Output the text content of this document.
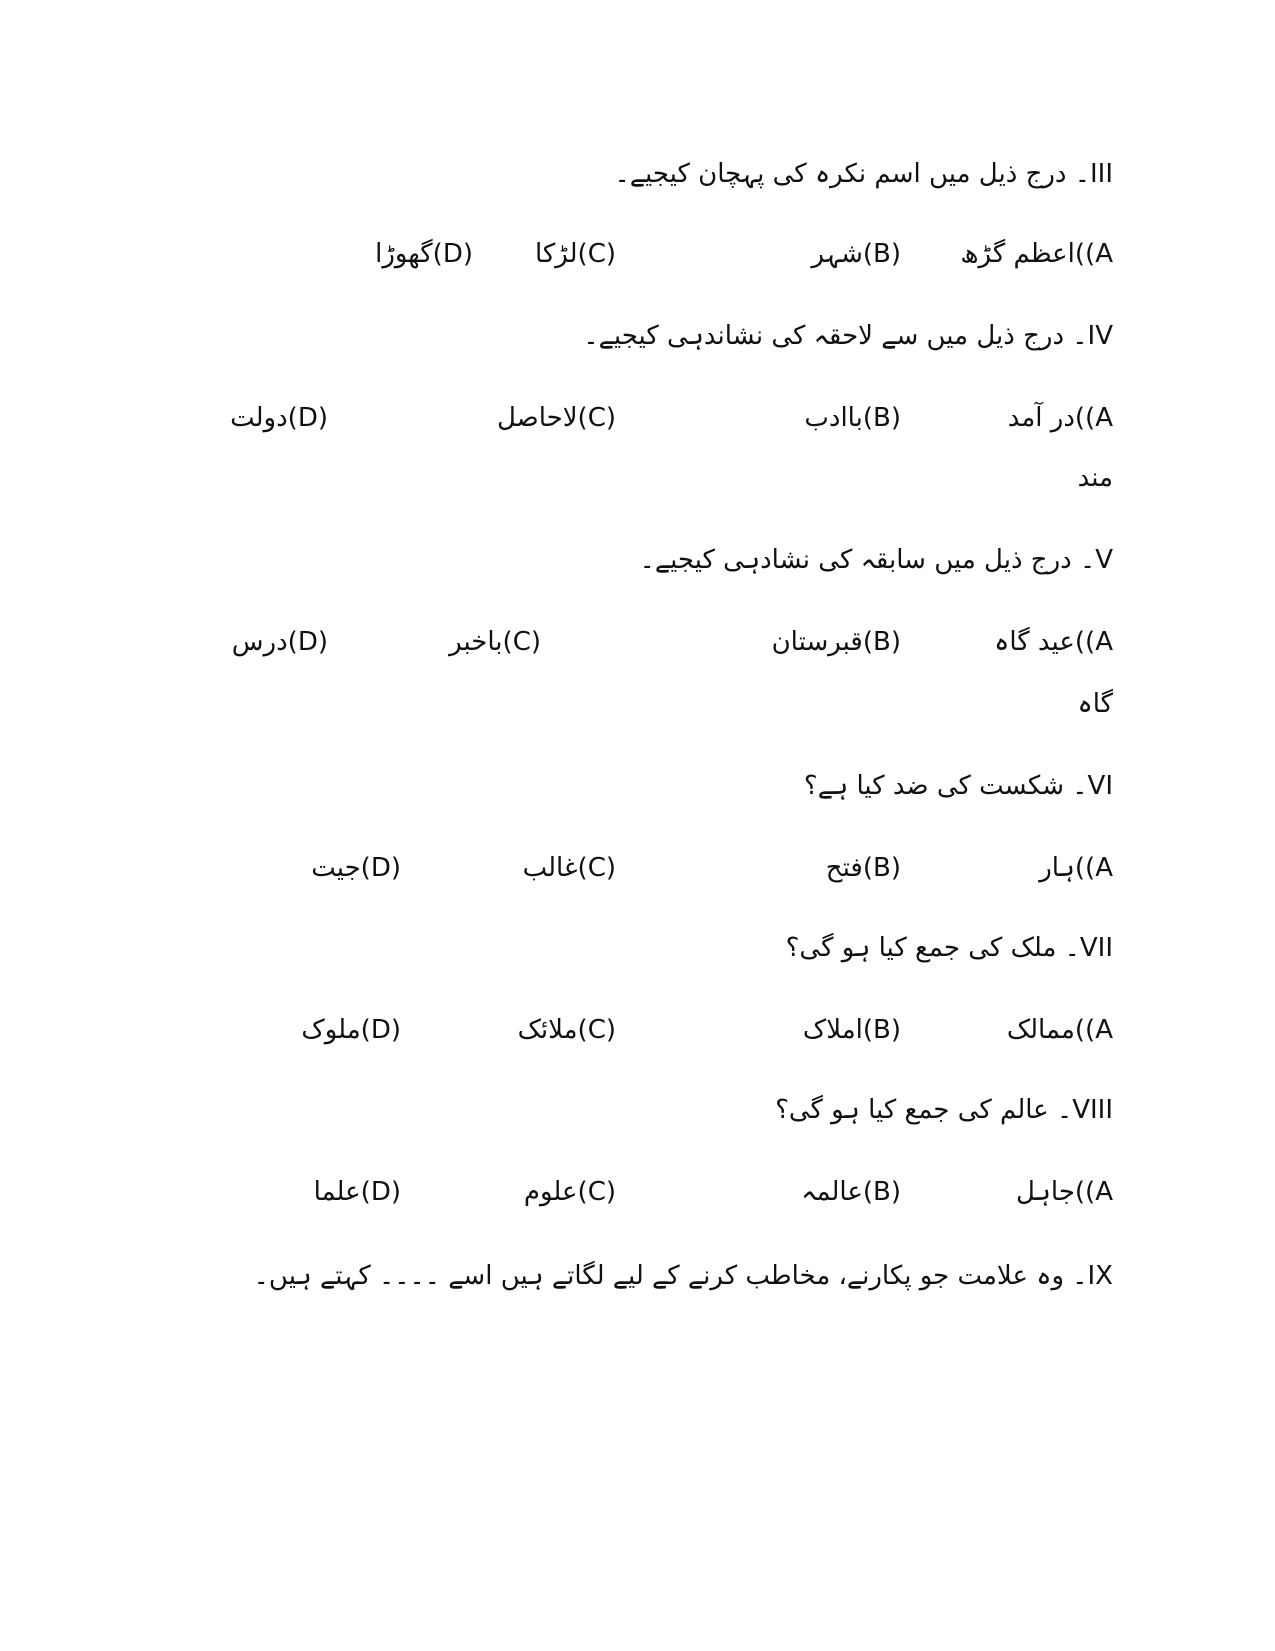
III۔ درج ذیل میں اسم نکرہ کی پہچان کیجیے۔
A))اعظم گڑھ
(B)شہر
(C)لڑکا
(D)گھوڑا
IV۔ درج ذیل میں سے لاحقہ کی نشاندہی کیجیے۔
A))در آمد
(B)باادب
(C)لاحاصل
(D)دولت
مند
V۔ درج ذیل میں سابقہ کی نشادہی کیجیے۔
A))عید گاہ
(B)قبرستان
(C)باخبر
(D)درس
گاہ
VI۔ شکست کی ضد کیا ہے؟
A))ہار
(B)فتح
(C)غالب
(D)جیت
VII۔ ملک کی جمع کیا ہو گی؟
A))ممالک
(B)املاک
(C)ملائک
(D)ملوک
VIII۔ عالم کی جمع کیا ہو گی؟
A))جاہل
(B)عالمہ
(C)علوم
(D)علما
IX۔ وہ علامت جو پکارنے، مخاطب کرنے کے لیے لگاتے ہیں اسے ۔۔۔۔ کہتے ہیں۔
